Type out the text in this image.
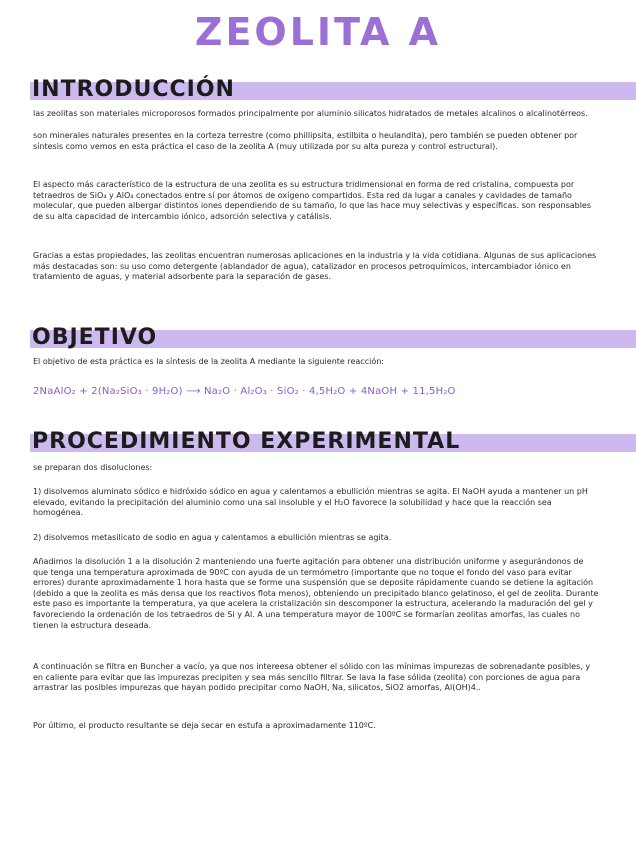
ZEOLITA A
INTRODUCCIÓN

las zeolitas son materiales microporosos formados principalmente por aluminio silicatos hidratados de metales alcalinos o alcalinotérreos.

son minerales naturales presentes en la corteza terrestre (como phillipsita, estilbita o heulandita), pero también se pueden obtener por síntesis como vemos en esta práctica el caso de la zeolita A (muy utilizada por su alta pureza y control estructural).

El aspecto más característico de la estructura de una zeolita es su estructura tridimensional en forma de red cristalina, compuesta por tetraedros de SiO₄ y AlO₄ conectados entre sí por átomos de oxígeno compartidos. Esta red da lugar a canales y cavidades de tamaño molecular, que pueden albergar distintos iones dependiendo de su tamaño, lo que las hace muy selectivas y específicas. son responsables de su alta capacidad de intercambio iónico, adsorción selectiva y catálisis.

Gracias a estas propiedades, las zeolitas encuentran numerosas aplicaciones en la industria y la vida cotidiana. Algunas de sus aplicaciones más destacadas son: su uso como detergente (ablandador de agua), catalizador en procesos petroquímicos, intercambiador iónico en tratamiento de aguas, y material adsorbente para la separación de gases.

OBJETIVO

El objetivo de esta práctica es la síntesis de la zeolita A mediante la siguiente reacción:

2NaAlO₂ + 2(Na₂SiO₃ · 9H₂O) ⟶ Na₂O · Al₂O₃ · SiO₂ · 4,5H₂O + 4NaOH + 11,5H₂O

PROCEDIMIENTO EXPERIMENTAL

se preparan dos disoluciones:

1) disolvemos aluminato sódico e hidróxido sódico en agua y calentamos a ebullición mientras se agita. El NaOH ayuda a mantener un pH elevado, evitando la precipitación del aluminio como una sal insoluble y el H₂O favorece la solubilidad y hace que la reacción sea homogénea.

2) disolvemos metasilicato de sodio en agua y calentamos a ebullición mientras se agita.

Añadimos la disolución 1 a la disolución 2 manteniendo una fuerte agitación para obtener una distribución uniforme y asegurándonos de que tenga una temperatura aproximada de 90ºC con ayuda de un termómetro (importante que no toque el fondo del vaso para evitar errores) durante aproximadamente 1 hora hasta que se forme una suspensión que se deposite rápidamente cuando se detiene la agitación (debido a que la zeolita es más densa que los reactivos flota menos), obteniendo un precipitado blanco gelatinoso, el gel de zeolita. Durante este paso es importante la temperatura, ya que acelera la cristalización sin descomponer la estructura, acelerando la maduración del gel y favoreciendo la ordenación de los tetraedros de Si y Al. A una temperatura mayor de 100ºC se formarían zeolitas amorfas, las cuales no tienen la estructura deseada.

A continuación se filtra en Buncher a vacío, ya que nos intereesa obtener el sólido con las mínimas impurezas de sobrenadante posibles, y en caliente para evitar que las impurezas precipiten y sea más sencillo filtrar. Se lava la fase sólida (zeolita) con porciones de agua para arrastrar las posibles impurezas que hayan podido precipitar como NaOH, Na, silicatos, SiO2 amorfas, Al(OH)4..

Por último, el producto resultante se deja secar en estufa a aproximadamente 110ºC.
